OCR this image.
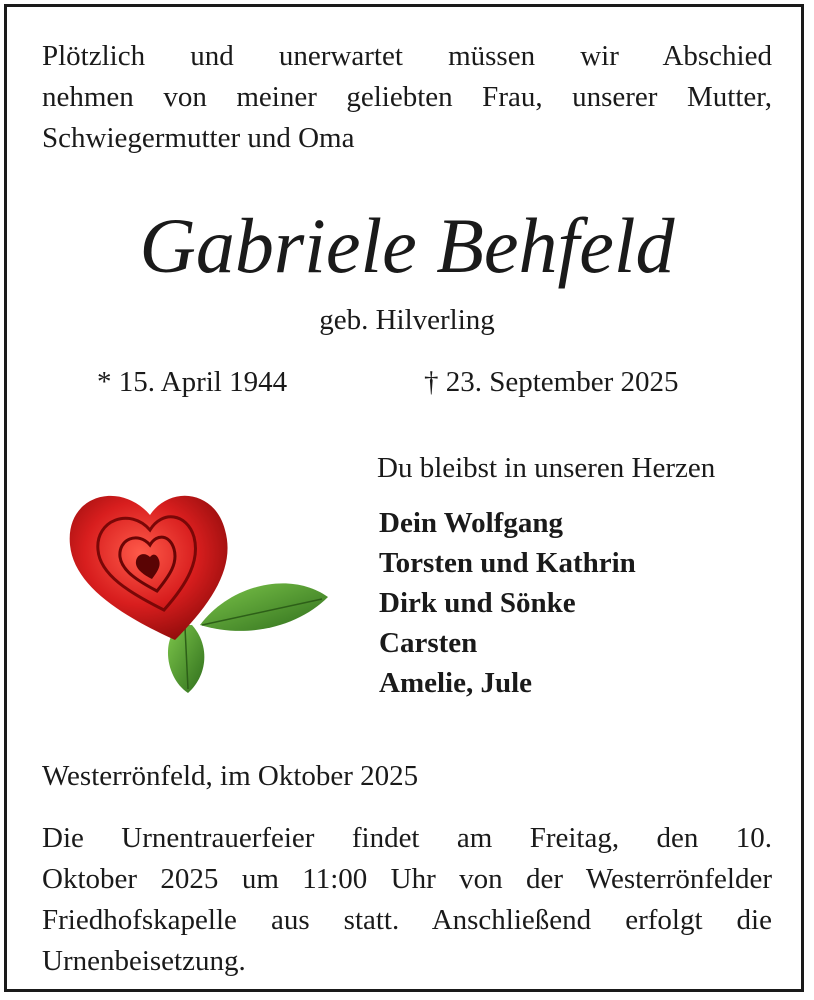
Plötzlich und unerwartet müssen wir Abschied
nehmen von meiner geliebten Frau, unserer Mutter,
Schwiegermutter und Oma
Gabriele Behfeld
geb. Hilverling
* 15. April 1944	† 23. September 2025
Du bleibst in unseren Herzen
Dein Wolfgang
Torsten und Kathrin
Dirk und Sönke
Carsten
Amelie, Jule
Westerrönfeld, im Oktober 2025
Die Urnentrauerfeier findet am Freitag, den 10.
Oktober 2025 um 11:00 Uhr von der Westerrönfelder
Friedhofskapelle aus statt. Anschließend erfolgt die
Urnenbeisetzung.
